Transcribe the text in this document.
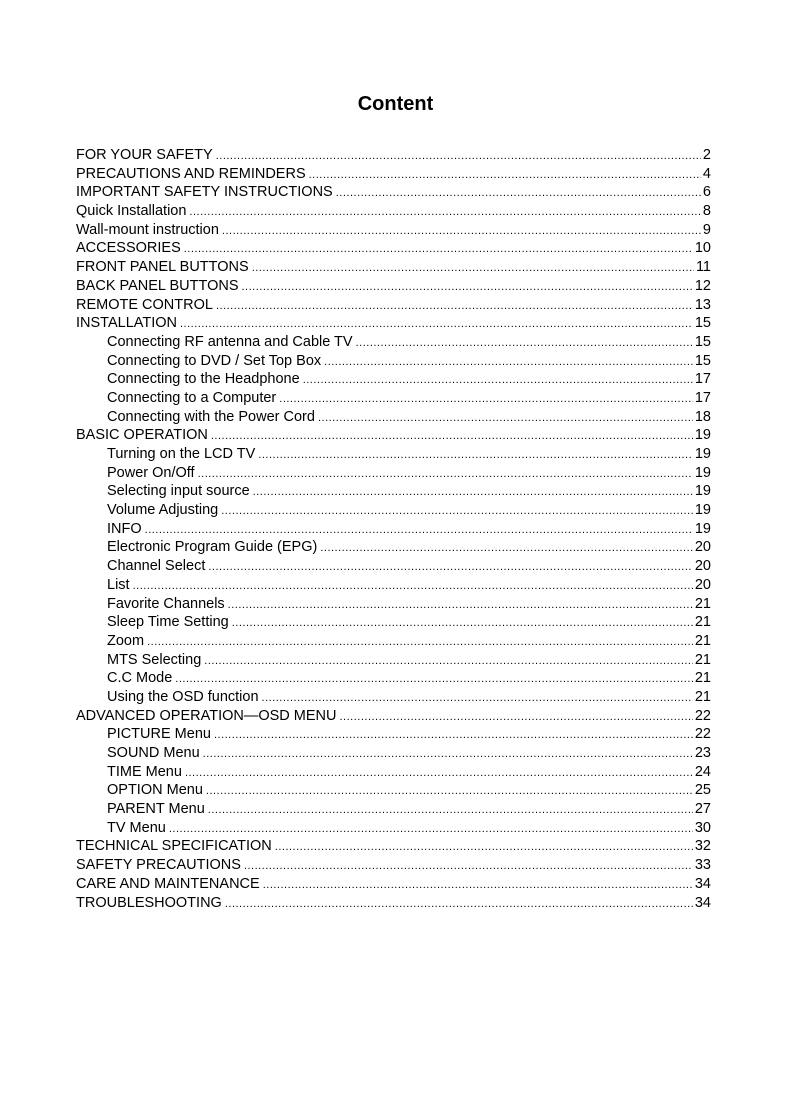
Content
FOR YOUR SAFETY .....	2
PRECAUTIONS AND REMINDERS .....	4
IMPORTANT SAFETY INSTRUCTIONS .....	6
Quick Installation .....	8
Wall-mount instruction .....	9
ACCESSORIES .....	10
FRONT PANEL BUTTONS .....	11
BACK PANEL BUTTONS .....	12
REMOTE CONTROL .....	13
INSTALLATION .....	15
Connecting RF antenna and Cable TV .....	15
Connecting to DVD / Set Top Box .....	15
Connecting to the Headphone .....	17
Connecting to a Computer .....	17
Connecting with the Power Cord .....	18
BASIC OPERATION .....	19
Turning on the LCD TV .....	19
Power On/Off .....	19
Selecting input source .....	19
Volume Adjusting .....	19
INFO .....	19
Electronic Program Guide (EPG) .....	20
Channel Select .....	20
List .....	20
Favorite Channels .....	21
Sleep Time Setting .....	21
Zoom .....	21
MTS Selecting .....	21
C.C Mode .....	21
Using the OSD function .....	21
ADVANCED OPERATION—OSD MENU .....	22
PICTURE Menu .....	22
SOUND Menu .....	23
TIME Menu .....	24
OPTION Menu .....	25
PARENT Menu .....	27
TV Menu .....	30
TECHNICAL SPECIFICATION .....	32
SAFETY PRECAUTIONS .....	33
CARE AND MAINTENANCE .....	34
TROUBLESHOOTING .....	34
